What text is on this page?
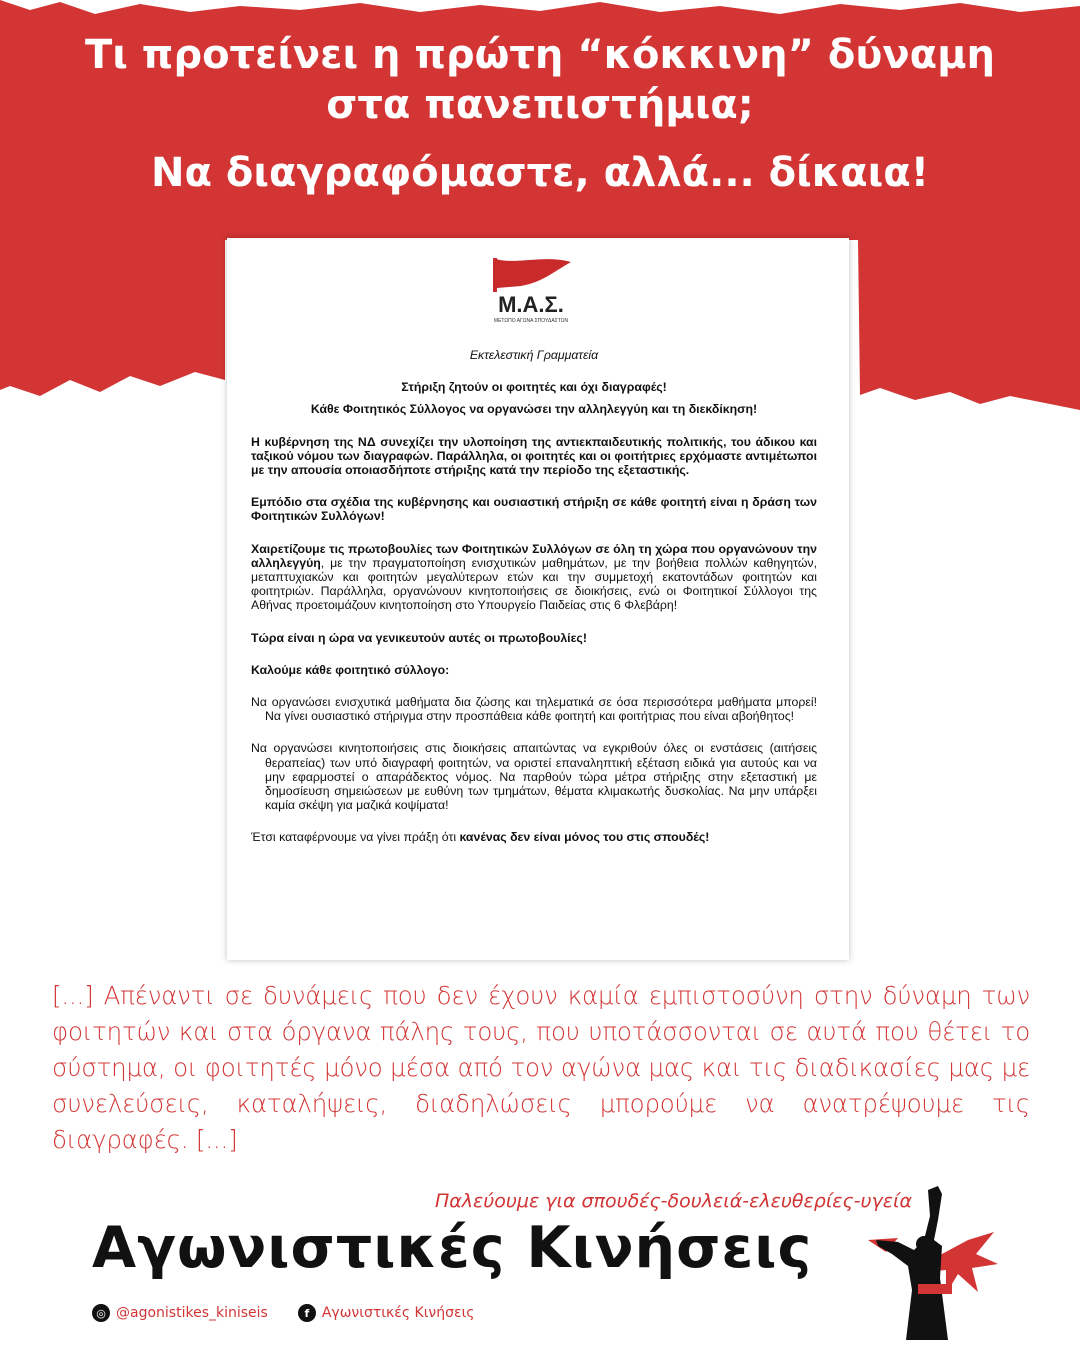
Τι προτείνει η πρώτη “κόκκινη” δύναμη
στα πανεπιστήμια;
Να διαγραφόμαστε, αλλά... δίκαια!
Μ.Α.Σ.
ΜΕΤΩΠΟ ΑΓΩΝΑ ΣΠΟΥΔΑΣΤΩΝ
Εκτελεστική Γραμματεία
Στήριξη ζητούν οι φοιτητές και όχι διαγραφές!
Κάθε Φοιτητικός Σύλλογος να οργανώσει την αλληλεγγύη και τη διεκδίκηση!
Η κυβέρνηση της ΝΔ συνεχίζει την υλοποίηση της αντιεκπαιδευτικής πολιτικής, του άδικου και ταξικού νόμου των διαγραφών. Παράλληλα, οι φοιτητές και οι φοιτήτριες ερχόμαστε αντιμέτωποι με την απουσία οποιασδήποτε στήριξης κατά την περίοδο της εξεταστικής.
Εμπόδιο στα σχέδια της κυβέρνησης και ουσιαστική στήριξη σε κάθε φοιτητή είναι η δράση των Φοιτητικών Συλλόγων!
Χαιρετίζουμε τις πρωτοβουλίες των Φοιτητικών Συλλόγων σε όλη τη χώρα που οργανώνουν την αλληλεγγύη, με την πραγματοποίηση ενισχυτικών μαθημάτων, με την βοήθεια πολλών καθηγητών, μεταπτυχιακών και φοιτητών μεγαλύτερων ετών και την συμμετοχή εκατοντάδων φοιτητών και φοιτητριών. Παράλληλα, οργανώνουν κινητοποιήσεις σε διοικήσεις, ενώ οι Φοιτητικοί Σύλλογοι της Αθήνας προετοιμάζουν κινητοποίηση στο Υπουργείο Παιδείας στις 6 Φλεβάρη!
Τώρα είναι η ώρα να γενικευτούν αυτές οι πρωτοβουλίες!
Καλούμε κάθε φοιτητικό σύλλογο:
Να οργανώσει ενισχυτικά μαθήματα δια ζώσης και τηλεματικά σε όσα περισσότερα μαθήματα μπορεί! Να γίνει ουσιαστικό στήριγμα στην προσπάθεια κάθε φοιτητή και φοιτήτριας που είναι αβοήθητος!
Να οργανώσει κινητοποιήσεις στις διοικήσεις απαιτώντας να εγκριθούν όλες οι ενστάσεις (αιτήσεις θεραπείας) των υπό διαγραφή φοιτητών, να οριστεί επαναληπτική εξέταση ειδικά για αυτούς και να μην εφαρμοστεί ο απαράδεκτος νόμος. Να παρθούν τώρα μέτρα στήριξης στην εξεταστική με δημοσίευση σημειώσεων με ευθύνη των τμημάτων, θέματα κλιμακωτής δυσκολίας. Να μην υπάρξει καμία σκέψη για μαζικά κοψίματα!
Έτσι καταφέρνουμε να γίνει πράξη ότι κανένας δεν είναι μόνος του στις σπουδές!
[...] Απέναντι σε δυνάμεις που δεν έχουν καμία εμπιστοσύνη στην δύναμη των φοιτητών και στα όργανα πάλης τους, που υποτάσσονται σε αυτά που θέτει το σύστημα, οι φοιτητές μόνο μέσα από τον αγώνα μας και τις διαδικασίες μας με συνελεύσεις, καταλήψεις, διαδηλώσεις μπορούμε να ανατρέψουμε τις διαγραφές. [...]
Παλεύουμε για σπουδές-δουλειά-ελευθερίες-υγεία
Αγωνιστικές Κινήσεις
◎ @agonistikes_kiniseis	f Αγωνιστικές Κινήσεις
